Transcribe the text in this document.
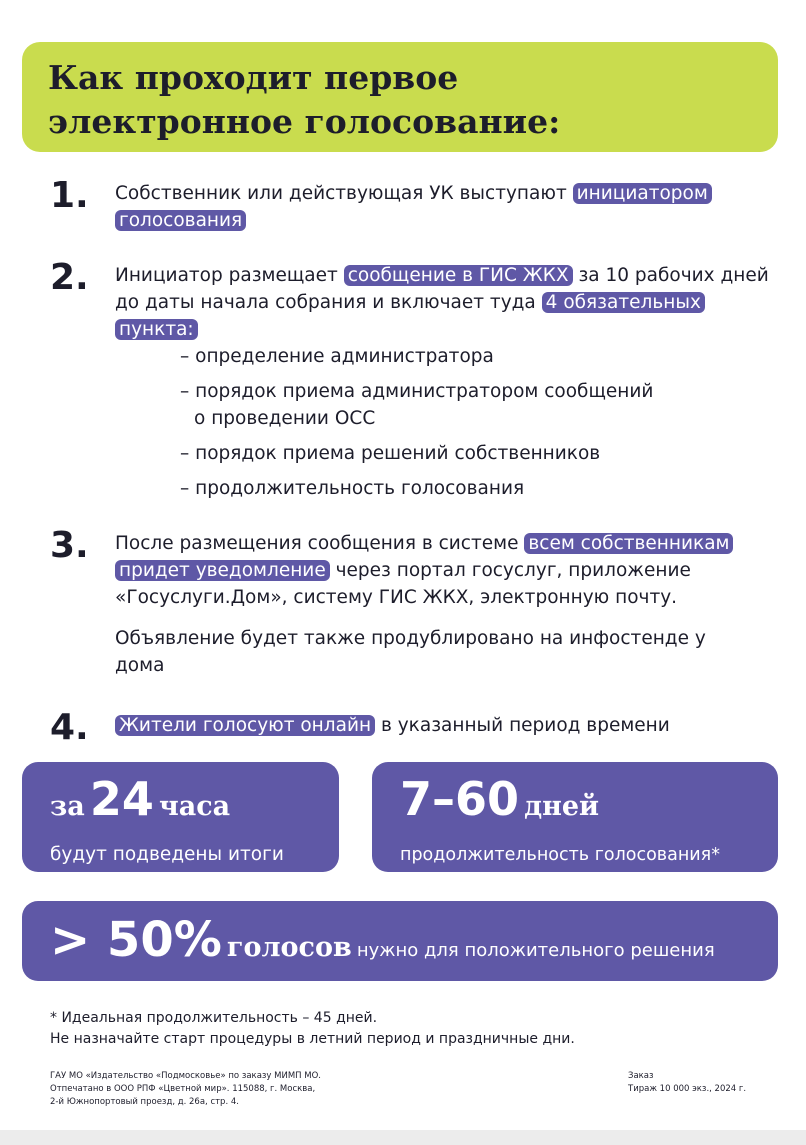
Как проходит первое
электронное голосование:
1. Собственник или действующая УК выступают инициатором голосования
2. Инициатор размещает сообщение в ГИС ЖКХ за 10 рабочих дней до даты начала собрания и включает туда 4 обязательных пункта:
– определение администратора
– порядок приема администратором сообщений
о проведении ОСС
– порядок приема решений собственников
– продолжительность голосования
3. После размещения сообщения в системе всем собственникам придет уведомление через портал госуслуг, приложение «Госуслуги.Дом», систему ГИС ЖКХ, электронную почту.
Объявление будет также продублировано на инфостенде у дома
4. Жители голосуют онлайн в указанный период времени
за 24 часа
будут подведены итоги
7–60 дней
продолжительность голосования*
> 50% голосов нужно для положительного решения
* Идеальная продолжительность – 45 дней.
Не назначайте старт процедуры в летний период и праздничные дни.
ГАУ МО «Издательство «Подмосковье» по заказу МИМП МО.
Отпечатано в ООО РПФ «Цветной мир». 115088, г. Москва,
2-й Южнопортовый проезд, д. 26а, стр. 4.
Заказ
Тираж 10 000 экз., 2024 г.
